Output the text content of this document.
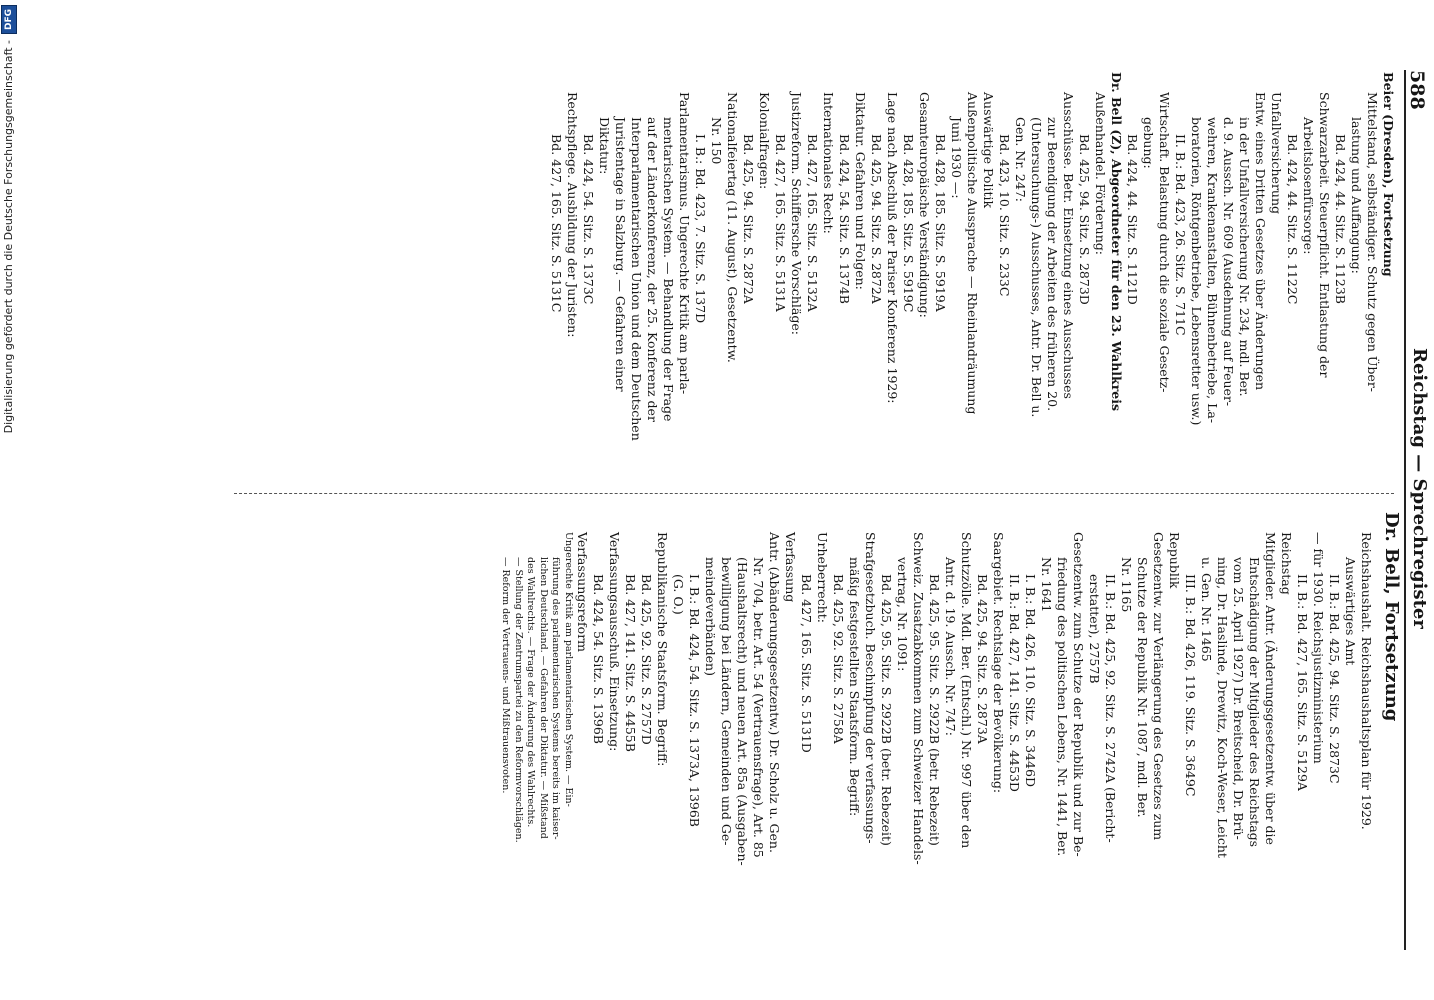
588
Reichstag — Sprechregister

Beier (Dresden), Fortsetzung

Mittelstand, selbständiger. Schutz gegen Über-

lastung und Auffangung:

Bd. 424, 44. Sitz. S. 1123B

Schwarzarbeit. Steuerpflicht. Entlastung der

Arbeitslosenfürsorge:

Bd. 424, 44. Sitz. S. 1122C

Unfallversicherung

Entw. eines Dritten Gesetzes über Änderungen

in der Unfallversicherung Nr. 234, mdl. Ber.

d. 9. Aussch. Nr. 609 (Ausdehnung auf Feuer-

wehren, Krankenanstalten, Bühnenbetriebe, La-

boratorien, Röntgenbetriebe, Lebensretter usw.)

II. B.: Bd. 423, 26. Sitz. S. 711C

Wirtschaft. Belastung durch die soziale Gesetz-

gebung:

Bd. 424, 44. Sitz. S. 1121D

Dr. Bell (Z), Abgeordneter für den 23. Wahlkreis

Außenhandel. Förderung:

Bd. 425, 94. Sitz. S. 2873D

Ausschüsse. Betr. Einsetzung eines Ausschusses

zur Beendigung der Arbeiten des früheren 20.

(Untersuchungs-) Ausschusses, Antr. Dr. Bell u.

Gen. Nr. 247:

Bd. 423, 10. Sitz. S. 233C

Auswärtige Politik

Außenpolitische Aussprache — Rheinlandräumung

Juni 1930 —:

Bd. 428, 185. Sitz. S. 5919A

Gesamteuropäische Verständigung:

Bd. 428, 185. Sitz. S. 5919C

Lage nach Abschluß der Pariser Konferenz 1929:

Bd. 425, 94. Sitz. S. 2872A

Diktatur. Gefahren und Folgen:

Bd. 424, 54. Sitz. S. 1374B

Internationales Recht:

Bd. 427, 165. Sitz. S. 5132A

Justizreform. Schiffersche Vorschläge:

Bd. 427, 165. Sitz. S. 5131A

Kolonialfragen:

Bd. 425, 94. Sitz. S. 2872A

Nationalfeiertag (11. August), Gesetzentw.

Nr. 150

I. B.: Bd. 423, 7. Sitz. S. 137D

Parlamentarismus. Ungerechte Kritik am parla-

mentarischen System. — Behandlung der Frage

auf der Länderkonferenz, der 25. Konferenz der

Interparlamentarischen Union und dem Deutschen

Juristentage in Salzburg. — Gefahren einer

Diktatur:

Bd. 424, 54. Sitz. S. 1373C

Rechtspflege. Ausbildung der Juristen:

Bd. 427, 165. Sitz. S. 5131C

Dr. Bell, Fortsetzung

Reichshaushalt. Reichshaushaltsplan für 1929.

Auswärtiges Amt

II. B.: Bd. 425, 94. Sitz. S. 2873C

— für 1930. Reichsjustizministerium

II. B.: Bd. 427, 165. Sitz. S. 5129A

Reichstag

Mitglieder. Antr. (Änderungsgesetzentw. über die

Entschädigung der Mitglieder des Reichstags

vom 25. April 1927) Dr. Breitscheid, Dr. Brü-

ning, Dr. Haslinde, Drewitz, Koch-Weser, Leicht

u. Gen. Nr. 1465

III. B.: Bd. 426, 119. Sitz. S. 3649C

Republik

Gesetzentw. zur Verlängerung des Gesetzes zum

Schutze der Republik Nr. 1087, mdl. Ber.

Nr. 1165

II. B.: Bd. 425, 92. Sitz. S. 2742A (Bericht-

erstatter), 2757B

Gesetzentw. zum Schutze der Republik und zur Be-

friedung des politischen Lebens, Nr. 1441, Ber.

Nr. 1641

I. B.: Bd. 426, 110. Sitz. S. 3446D

II. B.: Bd. 427, 141. Sitz. S. 4453D

Saargebiet. Rechtslage der Bevölkerung:

Bd. 425, 94. Sitz. S. 2873A

Schutzzölle. Mdl. Ber. (Entschl.) Nr. 997 über den

Antr. d. 19. Aussch. Nr. 747:

Bd. 425, 95. Sitz. S. 2922B (betr. Rebezeit)

Schweiz. Zusatzabkommen zum Schweizer Handels-

vertrag, Nr. 1091:

Bd. 425, 95. Sitz. S. 2922B (betr. Rebezeit)

Strafgesetzbuch. Beschimpfung der verfassungs-

mäßig festgestellten Staatsform. Begriff:

Bd. 425, 92. Sitz. S. 2758A

Urheberrecht:

Bd. 427, 165. Sitz. S. 5131D

Verfassung

Antr. (Abänderungsgesetzentw.) Dr. Scholz u. Gen.

Nr. 704, betr. Art. 54 (Vertrauensfrage), Art. 85

(Haushaltsrecht) und neuen Art. 85a (Ausgaben-

bewilligung bei Ländern, Gemeinden und Ge-

meindeverbänden)

I. B.: Bd. 424, 54. Sitz. S. 1373A, 1396B

(G. O.)

Republikanische Staatsform. Begriff:

Bd. 425, 92. Sitz. S. 2757D

Bd. 427, 141. Sitz. S. 4455B

Verfassungsausschuß. Einsetzung:

Bd. 424, 54. Sitz. S. 1396B

Verfassungsreform

Ungerechte Kritik am parlamentarischen System. — Ein-

führung des parlamentarischen Systems bereits im kaiser-

lichen Deutschland. — Gefahren der Diktatur. — Mißstand

des Wahlrechts. — Frage der Änderung des Wahlrechts.

— Stellung der Zentrumspartei zu den Reformvorschlägen.

— Reform der Vertrauens- und Mißtrauensvoten.

Digitalisierung gefördert durch die Deutsche Forschungsgemeinschaft -
DFG
